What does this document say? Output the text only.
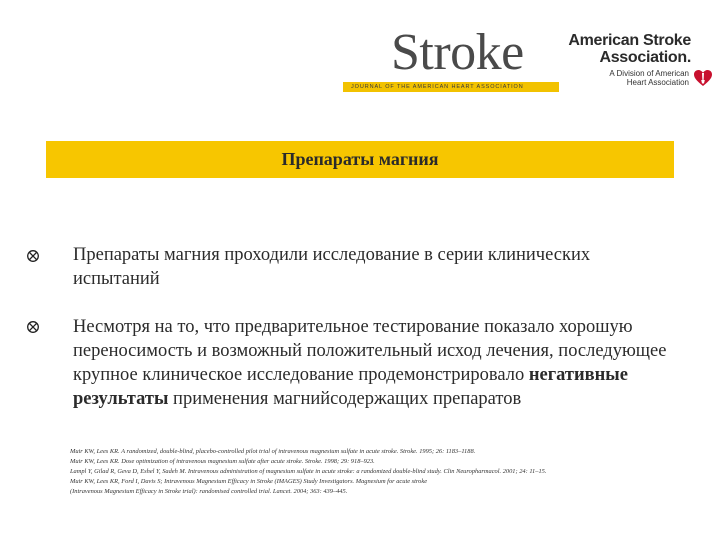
Stroke
JOURNAL OF THE AMERICAN HEART ASSOCIATION
American Stroke
Association.
A Division of American
Heart Association
Препараты магния
Препараты магния проходили исследование в серии клинических испытаний
Несмотря на то, что предварительное тестирование показало хорошую переносимость и возможный положительный исход лечения, последующее крупное клиническое исследование продемонстрировало негативные результаты применения магнийсодержащих препаратов
Muir KW, Lees KR. A randomized, double-blind, placebo-controlled pilot trial of intravenous magnesium sulfate in acute stroke. Stroke. 1995; 26: 1183–1188.
Muir KW, Lees KR. Dose optimization of intravenous magnesium sulfate after acute stroke. Stroke. 1998; 29: 918–923.
Lampl Y, Gilad R, Geva D, Eshel Y, Sadeh M. Intravenous administration of magnesium sulfate in acute stroke: a randomized double-blind study. Clin Neuropharmacol. 2001; 24: 11–15.
Muir KW, Lees KR, Ford I, Davis S; Intravenous Magnesium Efficacy in Stroke (IMAGES) Study Investigators. Magnesium for acute stroke
(Intravenous Magnesium Efficacy in Stroke trial): randomised controlled trial. Lancet. 2004; 363: 439–445.
